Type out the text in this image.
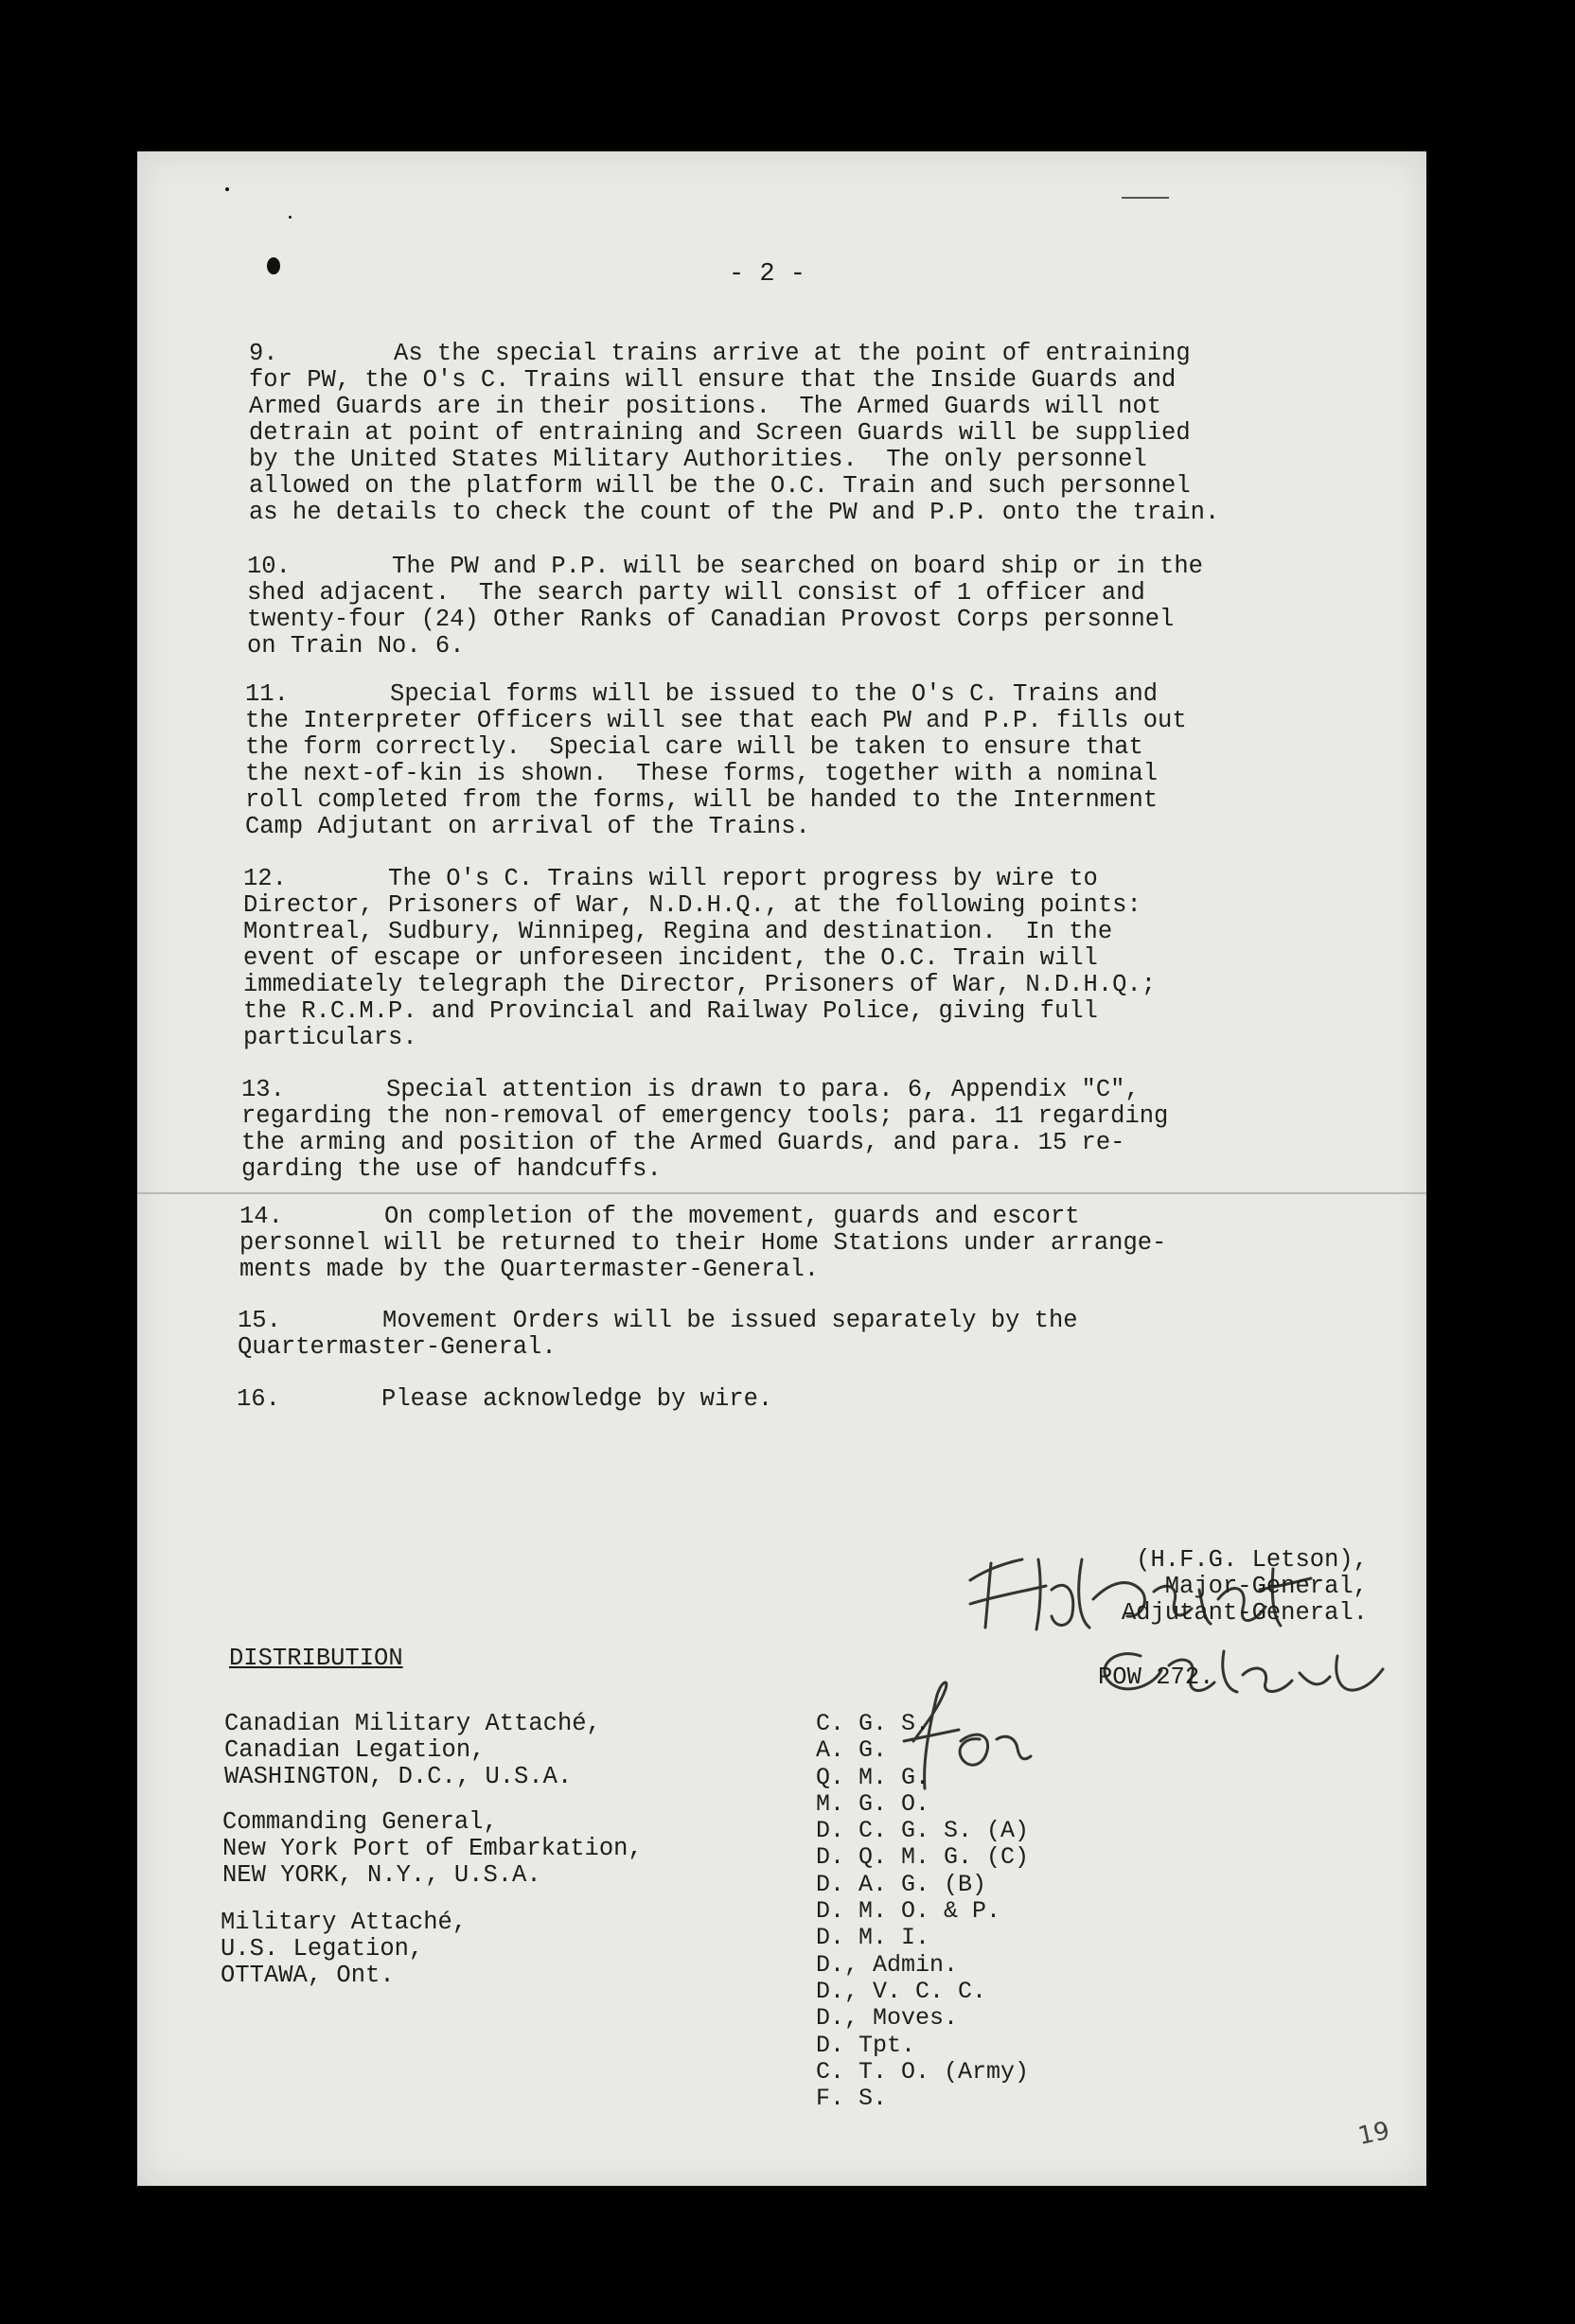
- 2 -
9.        As the special trains arrive at the point of entraining
for PW, the O's C. Trains will ensure that the Inside Guards and
Armed Guards are in their positions.  The Armed Guards will not
detrain at point of entraining and Screen Guards will be supplied
by the United States Military Authorities.  The only personnel
allowed on the platform will be the O.C. Train and such personnel
as he details to check the count of the PW and P.P. onto the train.
10.       The PW and P.P. will be searched on board ship or in the
shed adjacent.  The search party will consist of 1 officer and
twenty-four (24) Other Ranks of Canadian Provost Corps personnel
on Train No. 6.
11.       Special forms will be issued to the O's C. Trains and
the Interpreter Officers will see that each PW and P.P. fills out
the form correctly.  Special care will be taken to ensure that
the next-of-kin is shown.  These forms, together with a nominal
roll completed from the forms, will be handed to the Internment
Camp Adjutant on arrival of the Trains.
12.       The O's C. Trains will report progress by wire to
Director, Prisoners of War, N.D.H.Q., at the following points:
Montreal, Sudbury, Winnipeg, Regina and destination.  In the
event of escape or unforeseen incident, the O.C. Train will
immediately telegraph the Director, Prisoners of War, N.D.H.Q.;
the R.C.M.P. and Provincial and Railway Police, giving full
particulars.
13.       Special attention is drawn to para. 6, Appendix "C",
regarding the non-removal of emergency tools; para. 11 regarding
the arming and position of the Armed Guards, and para. 15 re-
garding the use of handcuffs.
14.       On completion of the movement, guards and escort
personnel will be returned to their Home Stations under arrange-
ments made by the Quartermaster-General.
15.       Movement Orders will be issued separately by the
Quartermaster-General.
16.       Please acknowledge by wire.
(H.F.G. Letson),
Major-General,
Adjutant-General.
POW 272.
DISTRIBUTION
Canadian Military Attaché,
Canadian Legation,
WASHINGTON, D.C., U.S.A.
Commanding General,
New York Port of Embarkation,
NEW YORK, N.Y., U.S.A.
Military Attaché,
U.S. Legation,
OTTAWA, Ont.
C. G. S.
A. G.
Q. M. G.
M. G. O.
D. C. G. S. (A)
D. Q. M. G. (C)
D. A. G. (B)
D. M. O. & P.
D. M. I.
D., Admin.
D., V. C. C.
D., Moves.
D. Tpt.
C. T. O. (Army)
F. S.
19
